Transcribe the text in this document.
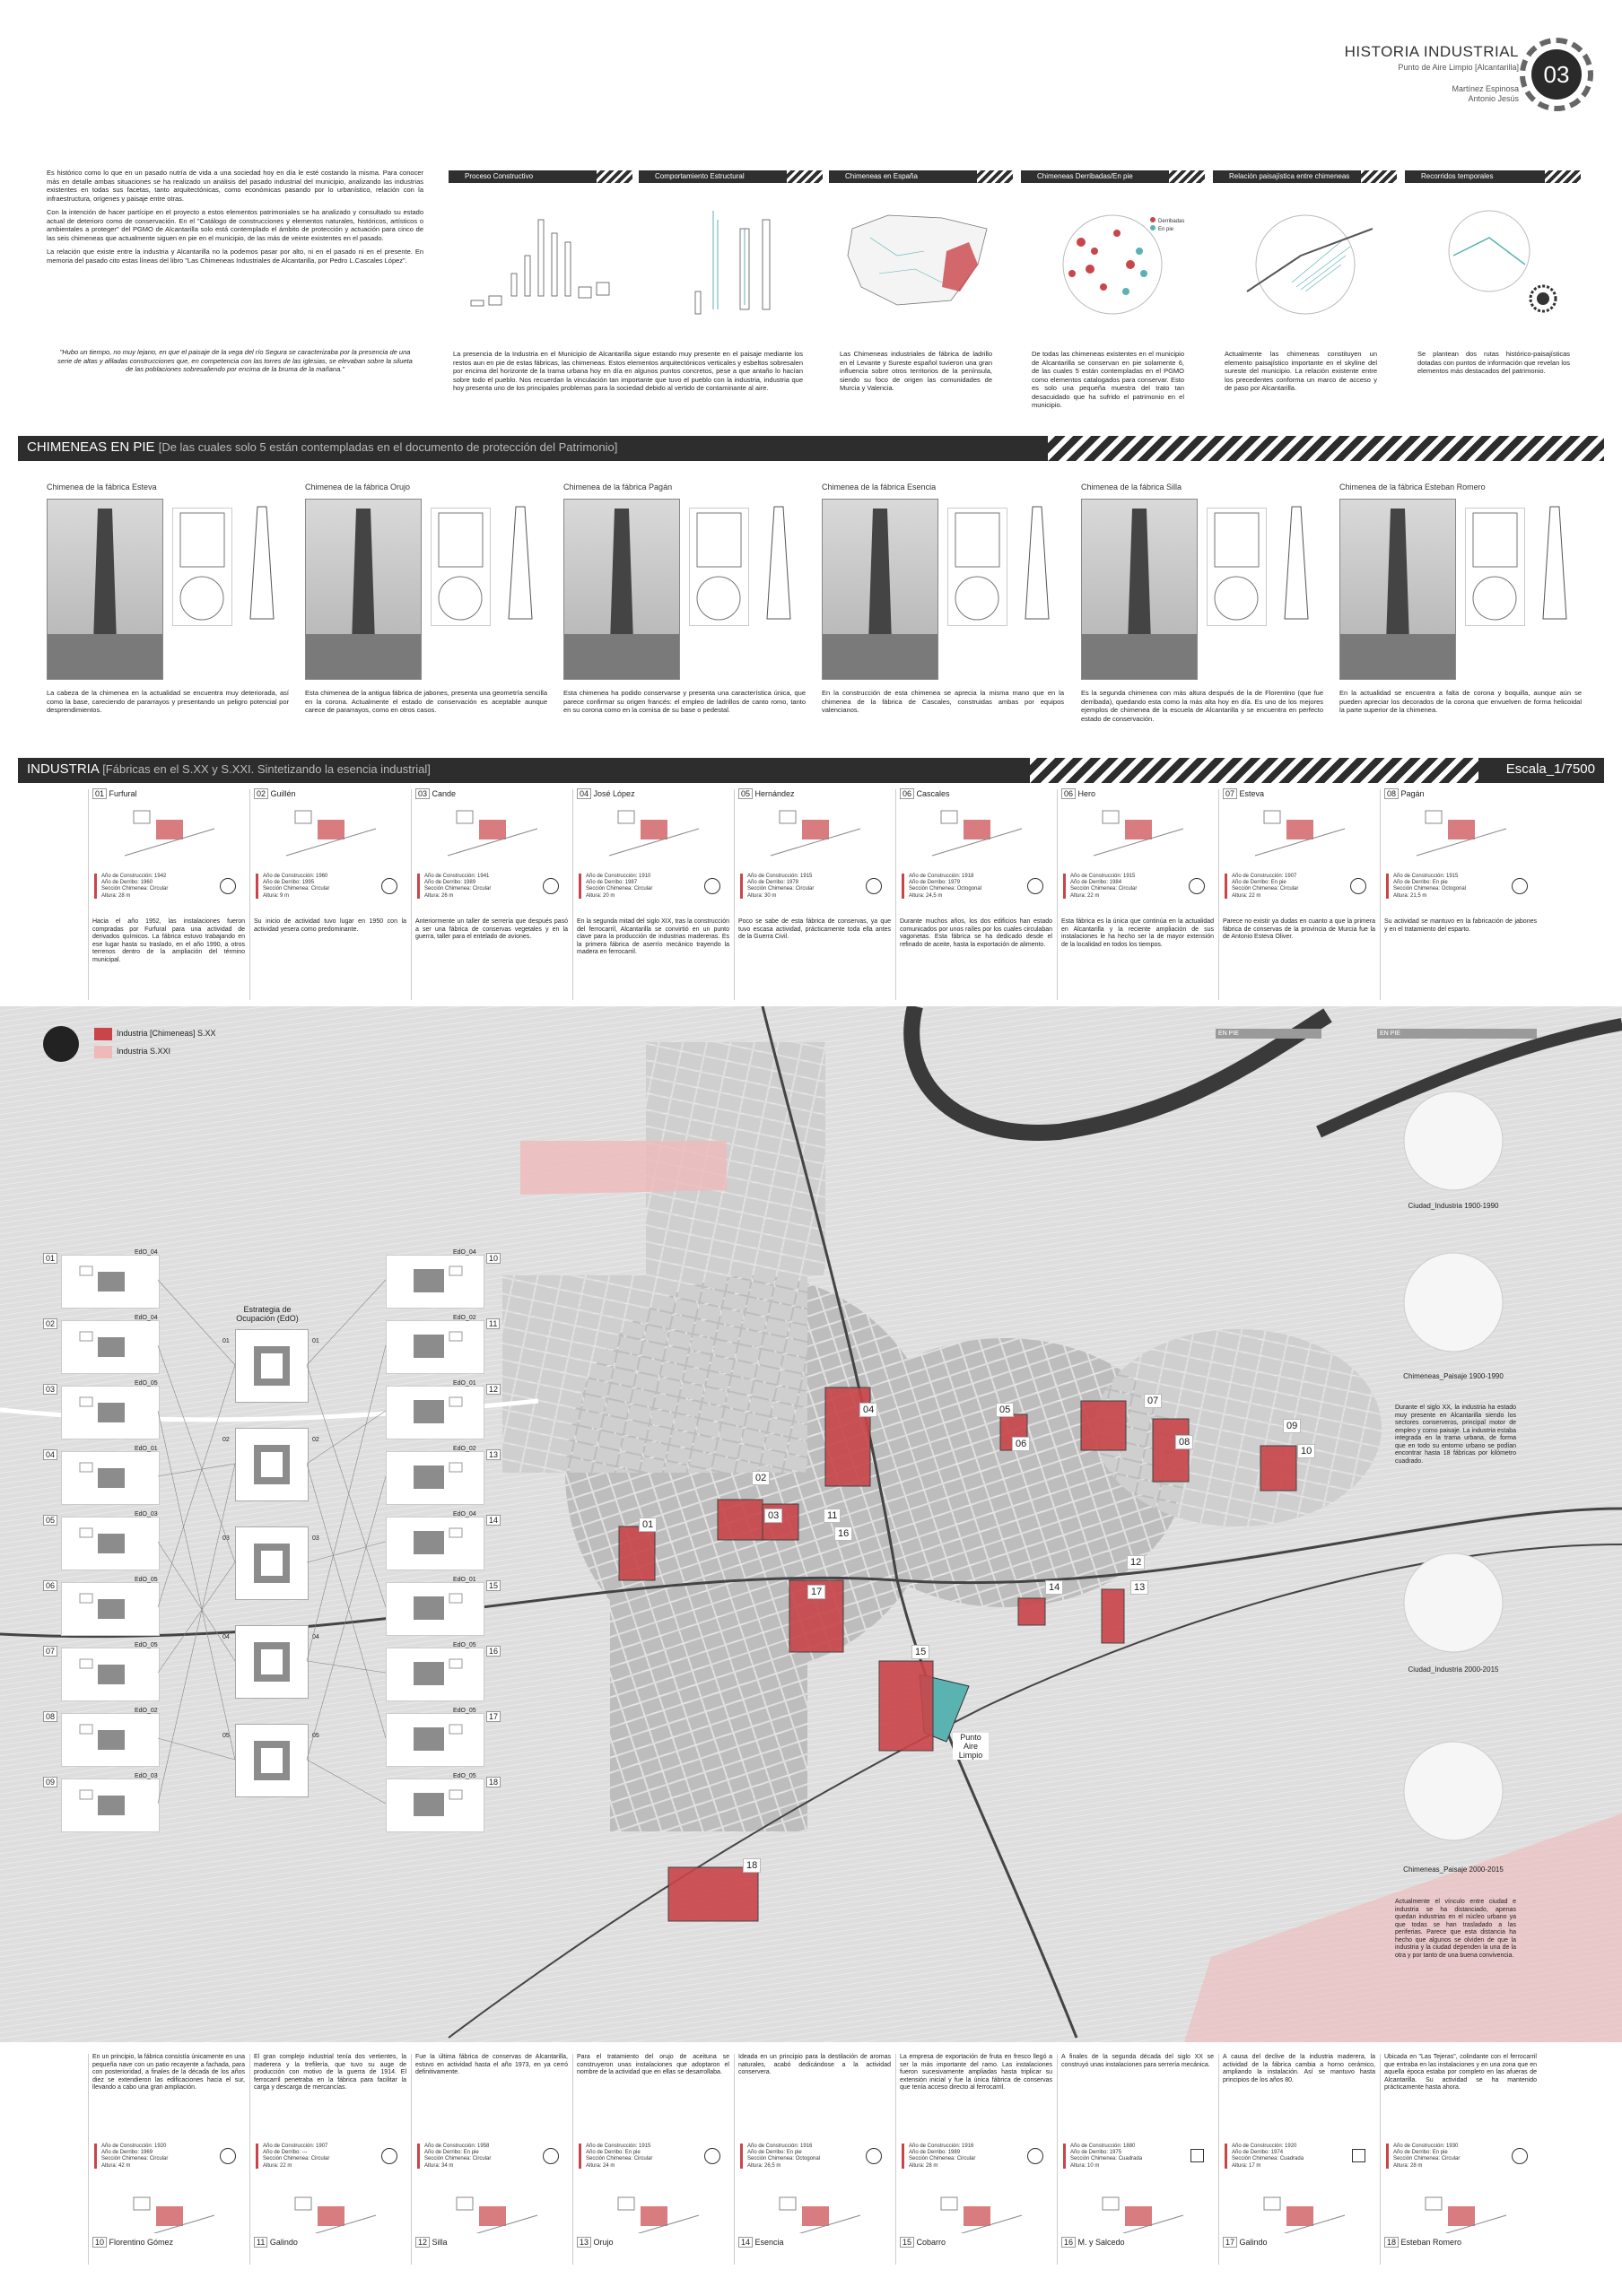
HISTORIA INDUSTRIAL
Punto de Aire Limpio [Alcantarilla]
Martínez Espinosa
Antonio Jesús
03

Es histórico como lo que en un pasado nutría de vida a una sociedad hoy en día le esté costando la misma. Para conocer más en detalle ambas situaciones se ha realizado un análisis del pasado industrial del municipio, analizando las industrias existentes en todas sus facetas, tanto arquitectónicas, como económicas pasando por lo urbanístico, relación con la infraestructura, orígenes y paisaje entre otras.

Con la intención de hacer partícipe en el proyecto a estos elementos patrimoniales se ha analizado y consultado su estado actual de deterioro como de conservación. En el "Catálogo de construcciones y elementos naturales, históricos, artísticos o ambientales a proteger" del PGMO de Alcantarilla solo está contemplado el ámbito de protección y actuación para cinco de las seis chimeneas que actualmente siguen en pie en el municipio, de las más de veinte existentes en el pasado.

La relación que existe entre la industria y Alcantarilla no la podemos pasar por alto, ni en el pasado ni en el presente. En memoria del pasado cito estas líneas del libro "Las Chimeneas Industriales de Alcantarilla, por Pedro L.Cascales López".

"Hubo un tiempo, no muy lejano, en que el paisaje de la vega del río Segura se caracterizaba por la presencia de una serie de altas y afiladas construcciones que, en competencia con las torres de las iglesias, se elevaban sobre la silueta de las poblaciones sobresaliendo por encima de la bruma de la mañana."
Proceso Constructivo	Comportamiento Estructural	Chimeneas en España	Chimeneas Derribadas/En pie	Relación paisajística entre chimeneas	Recorridos temporales
Derribadas
En pie
La presencia de la Industria en el Municipio de Alcantarilla sigue estando muy presente en el paisaje mediante los restos aun en pie de estas fábricas, las chimeneas. Estos elementos arquitectónicos verticales y esbeltos sobresalen por encima del horizonte de la trama urbana hoy en día en algunos puntos concretos, pese a que antaño lo hacían sobre todo el pueblo. Nos recuerdan la vinculación tan importante que tuvo el pueblo con la industria, industria que hoy presenta uno de los principales problemas para la sociedad debido al vertido de contaminante al aire.
Las Chimeneas industriales de fábrica de ladrillo en el Levante y Sureste español tuvieron una gran influencia sobre otros territorios de la península, siendo su foco de origen las comunidades de Murcia y Valencia.
De todas las chimeneas existentes en el municipio de Alcantarilla se conservan en pie solamente 6, de las cuales 5 están contempladas en el PGMO como elementos catalogados para conservar. Esto es solo una pequeña muestra del trato tan desacuidado que ha sufrido el patrimonio en el municipio.
Actualmente las chimeneas constituyen un elemento paisajístico importante en el skyline del sureste del municipio. La relación existente entre los precedentes conforma un marco de acceso y de paso por Alcantarilla.
Se plantean dos rutas histórico-paisajísticas dotadas con puntos de información que revelan los elementos más destacados del patrimonio.
CHIMENEAS EN PIE [De las cuales solo 5 están contempladas en el documento de protección del Patrimonio]
Chimenea de la fábrica Esteva
La cabeza de la chimenea en la actualidad se encuentra muy deteriorada, así como la base, careciendo de pararrayos y presentando un peligro potencial por desprendimientos.
Chimenea de la fábrica Orujo
Esta chimenea de la antigua fábrica de jabones, presenta una geometría sencilla en la corona. Actualmente el estado de conservación es aceptable aunque carece de pararrayos, como en otros casos.
Chimenea de la fábrica Pagán
Esta chimenea ha podido conservarse y presenta una característica única, que parece confirmar su origen francés: el empleo de ladrillos de canto romo, tanto en su corona como en la cornisa de su base o pedestal.
Chimenea de la fábrica Esencia
En la construcción de esta chimenea se aprecia la misma mano que en la chimenea de la fábrica de Cascales, construidas ambas por equipos valencianos.
Chimenea de la fábrica Silla
Es la segunda chimenea con más altura después de la de Florentino (que fue derribada), quedando esta como la más alta hoy en día. Es uno de los mejores ejemplos de chimenea de la escuela de Alcantarilla y se encuentra en perfecto estado de conservación.
Chimenea de la fábrica Esteban Romero
En la actualidad se encuentra a falta de corona y boquilla, aunque aún se pueden apreciar los decorados de la corona que envuelven de forma helicoidal la parte superior de la chimenea.
INDUSTRIA [Fábricas en el S.XX y S.XXI. Sintetizando la esencia industrial]	Escala_1/7500
01 Furfural
Año de Construcción: 1942
Año de Derribo: 1960
Sección Chimenea: Circular
Altura: 28 m
Hacia el año 1952, las instalaciones fueron compradas por Furfural para una actividad de derivados químicos. La fábrica estuvo trabajando en ese lugar hasta su traslado, en el año 1990, a otros terrenos dentro de la ampliación del término municipal.
02 Guillén
Año de Construcción: 1960
Año de Derribo: 1995
Sección Chimenea: Circular
Altura: 9 m
Su inicio de actividad tuvo lugar en 1950 con la actividad yesera como predominante.
03 Cande
Año de Construcción: 1941
Año de Derribo: 1989
Sección Chimenea: Circular
Altura: 26 m
Anteriormente un taller de serrería que después pasó a ser una fábrica de conservas vegetales y en la guerra, taller para el entelado de aviones.
04 José López
Año de Construcción: 1910
Año de Derribo: 1987
Sección Chimenea: Circular
Altura: 20 m
En la segunda mitad del siglo XIX, tras la construcción del ferrocarril, Alcantarilla se convirtió en un punto clave para la producción de industrias madereras. Es la primera fábrica de aserrío mecánico trayendo la madera en ferrocarril.
05 Hernández
Año de Construcción: 1915
Año de Derribo: 1978
Sección Chimenea: Circular
Altura: 30 m
Poco se sabe de esta fábrica de conservas, ya que tuvo escasa actividad, prácticamente toda ella antes de la Guerra Civil.
06 Cascales
Año de Construcción: 1918
Año de Derribo: 1979
Sección Chimenea: Octogonal
Altura: 24,5 m
Durante muchos años, los dos edificios han estado comunicados por unos raíles por los cuales circulaban vagonetas. Esta fábrica se ha dedicado desde el refinado de aceite, hasta la exportación de alimento.
06 Hero
Año de Construcción: 1915
Año de Derribo: 1984
Sección Chimenea: Circular
Altura: 22 m
Esta fábrica es la única que continúa en la actualidad en Alcantarilla y la reciente ampliación de sus instalaciones le ha hecho ser la de mayor extensión de la localidad en todos los tiempos.
07 Esteva
Año de Construcción: 1907
Año de Derribo: En pie
Sección Chimenea: Circular
Altura: 22 m
Parece no existir ya dudas en cuanto a que la primera fábrica de conservas de la provincia de Murcia fue la de Antonio Esteva Oliver.
08 Pagán
Año de Construcción: 1915
Año de Derribo: En pie
Sección Chimenea: Octogonal
Altura: 21,5 m
Su actividad se mantuvo en la fabricación de jabones y en el tratamiento del esparto.
Industria [Chimeneas] S.XX
Industria S.XXI
Estrategia de Ocupación (EdO)
01
EdO_04
02
EdO_04
03
EdO_05
04
EdO_01
05
EdO_03
06
EdO_05
07
EdO_05
08
EdO_02
09
EdO_03
01	01
02	02
03	03
04	04
05	05
10
EdO_04
11
EdO_02
12
EdO_01
13
EdO_02
14
EdO_04
15
EdO_01
16
EdO_05
17
EdO_05
18
EdO_05
01
02
03
04	05
06
07
08
09
10
11
12
13
14
15
16
17
18
EN PIE	EN PIE
Punto Aire Limpio
Ciudad_Industria 1900-1990
Chimeneas_Paisaje 1900-1990
Durante el siglo XX, la industria ha estado muy presente en Alcantarilla siendo los sectores conserveros, principal motor de empleo y como paisaje. La industria estaba integrada en la trama urbana, de forma que en todo su entorno urbano se podían encontrar hasta 18 fábricas por kilómetro cuadrado.
Ciudad_Industria 2000-2015
Chimeneas_Paisaje 2000-2015
Actualmente el vínculo entre ciudad e industria se ha distanciado, apenas quedan industrias en el núcleo urbano ya que todas se han trasladado a las periferias. Parece que esta distancia ha hecho que algunos se olviden de que la industria y la ciudad dependen la una de la otra y por tanto de una buena convivencia.
10 Florentino Gómez
Año de Construcción: 1920
Año de Derribo: 1969
Sección Chimenea: Circular
Altura: 42 m
En un principio, la fábrica consistía únicamente en una pequeña nave con un patio recayente a fachada, para con posterioridad, a finales de la década de los años diez se extendieron las edificaciones hacia el sur, llevando a cabo una gran ampliación.
11 Galindo
Año de Construcción: 1907
Año de Derribo: ---
Sección Chimenea: Circular
Altura: 22 m
El gran complejo industrial tenía dos vertientes, la maderera y la trefilería, que tuvo su auge de producción con motivo de la guerra de 1914. El ferrocarril penetraba en la fábrica para facilitar la carga y descarga de mercancías.
12 Silla
Año de Construcción: 1958
Año de Derribo: En pie
Sección Chimenea: Circular
Altura: 34 m
Fue la última fábrica de conservas de Alcantarilla, estuvo en actividad hasta el año 1973, en ya cerró definitivamente.
13 Orujo
Año de Construcción: 1915
Año de Derribo: En pie
Sección Chimenea: Circular
Altura: 24 m
Para el tratamiento del orujo de aceituna se construyeron unas instalaciones que adoptaron el nombre de la actividad que en ellas se desarrollaba.
14 Esencia
Año de Construcción: 1916
Año de Derribo: En pie
Sección Chimenea: Octogonal
Altura: 26,5 m
Ideada en un principio para la destilación de aromas naturales, acabó dedicándose a la actividad conservera.
15 Cobarro
Año de Construcción: 1916
Año de Derribo: 1989
Sección Chimenea: Circular
Altura: 28 m
La empresa de exportación de fruta en fresco llegó a ser la más importante del ramo. Las instalaciones fueron sucesivamente ampliadas hasta triplicar su extensión inicial y fue la única fábrica de conservas que tenía acceso directo al ferrocarril.
16 M. y Salcedo
Año de Construcción: 1880
Año de Derribo: 1975
Sección Chimenea: Cuadrada
Altura: 10 m
A finales de la segunda década del siglo XX se construyó unas instalaciones para serrería mecánica.
17 Galindo
Año de Construcción: 1920
Año de Derribo: 1974
Sección Chimenea: Cuadrada
Altura: 17 m
A causa del declive de la industria maderera, la actividad de la fábrica cambia a horno cerámico, ampliando la instalación. Así se mantuvo hasta principios de los años 80.
18 Esteban Romero
Año de Construcción: 1930
Año de Derribo: En pie
Sección Chimenea: Circular
Altura: 28 m
Ubicada en "Las Tejeras", colindante con el ferrocarril que entraba en las instalaciones y en una zona que en aquella época estaba por completo en las afueras de Alcantarilla. Su actividad se ha mantenido prácticamente hasta ahora.
